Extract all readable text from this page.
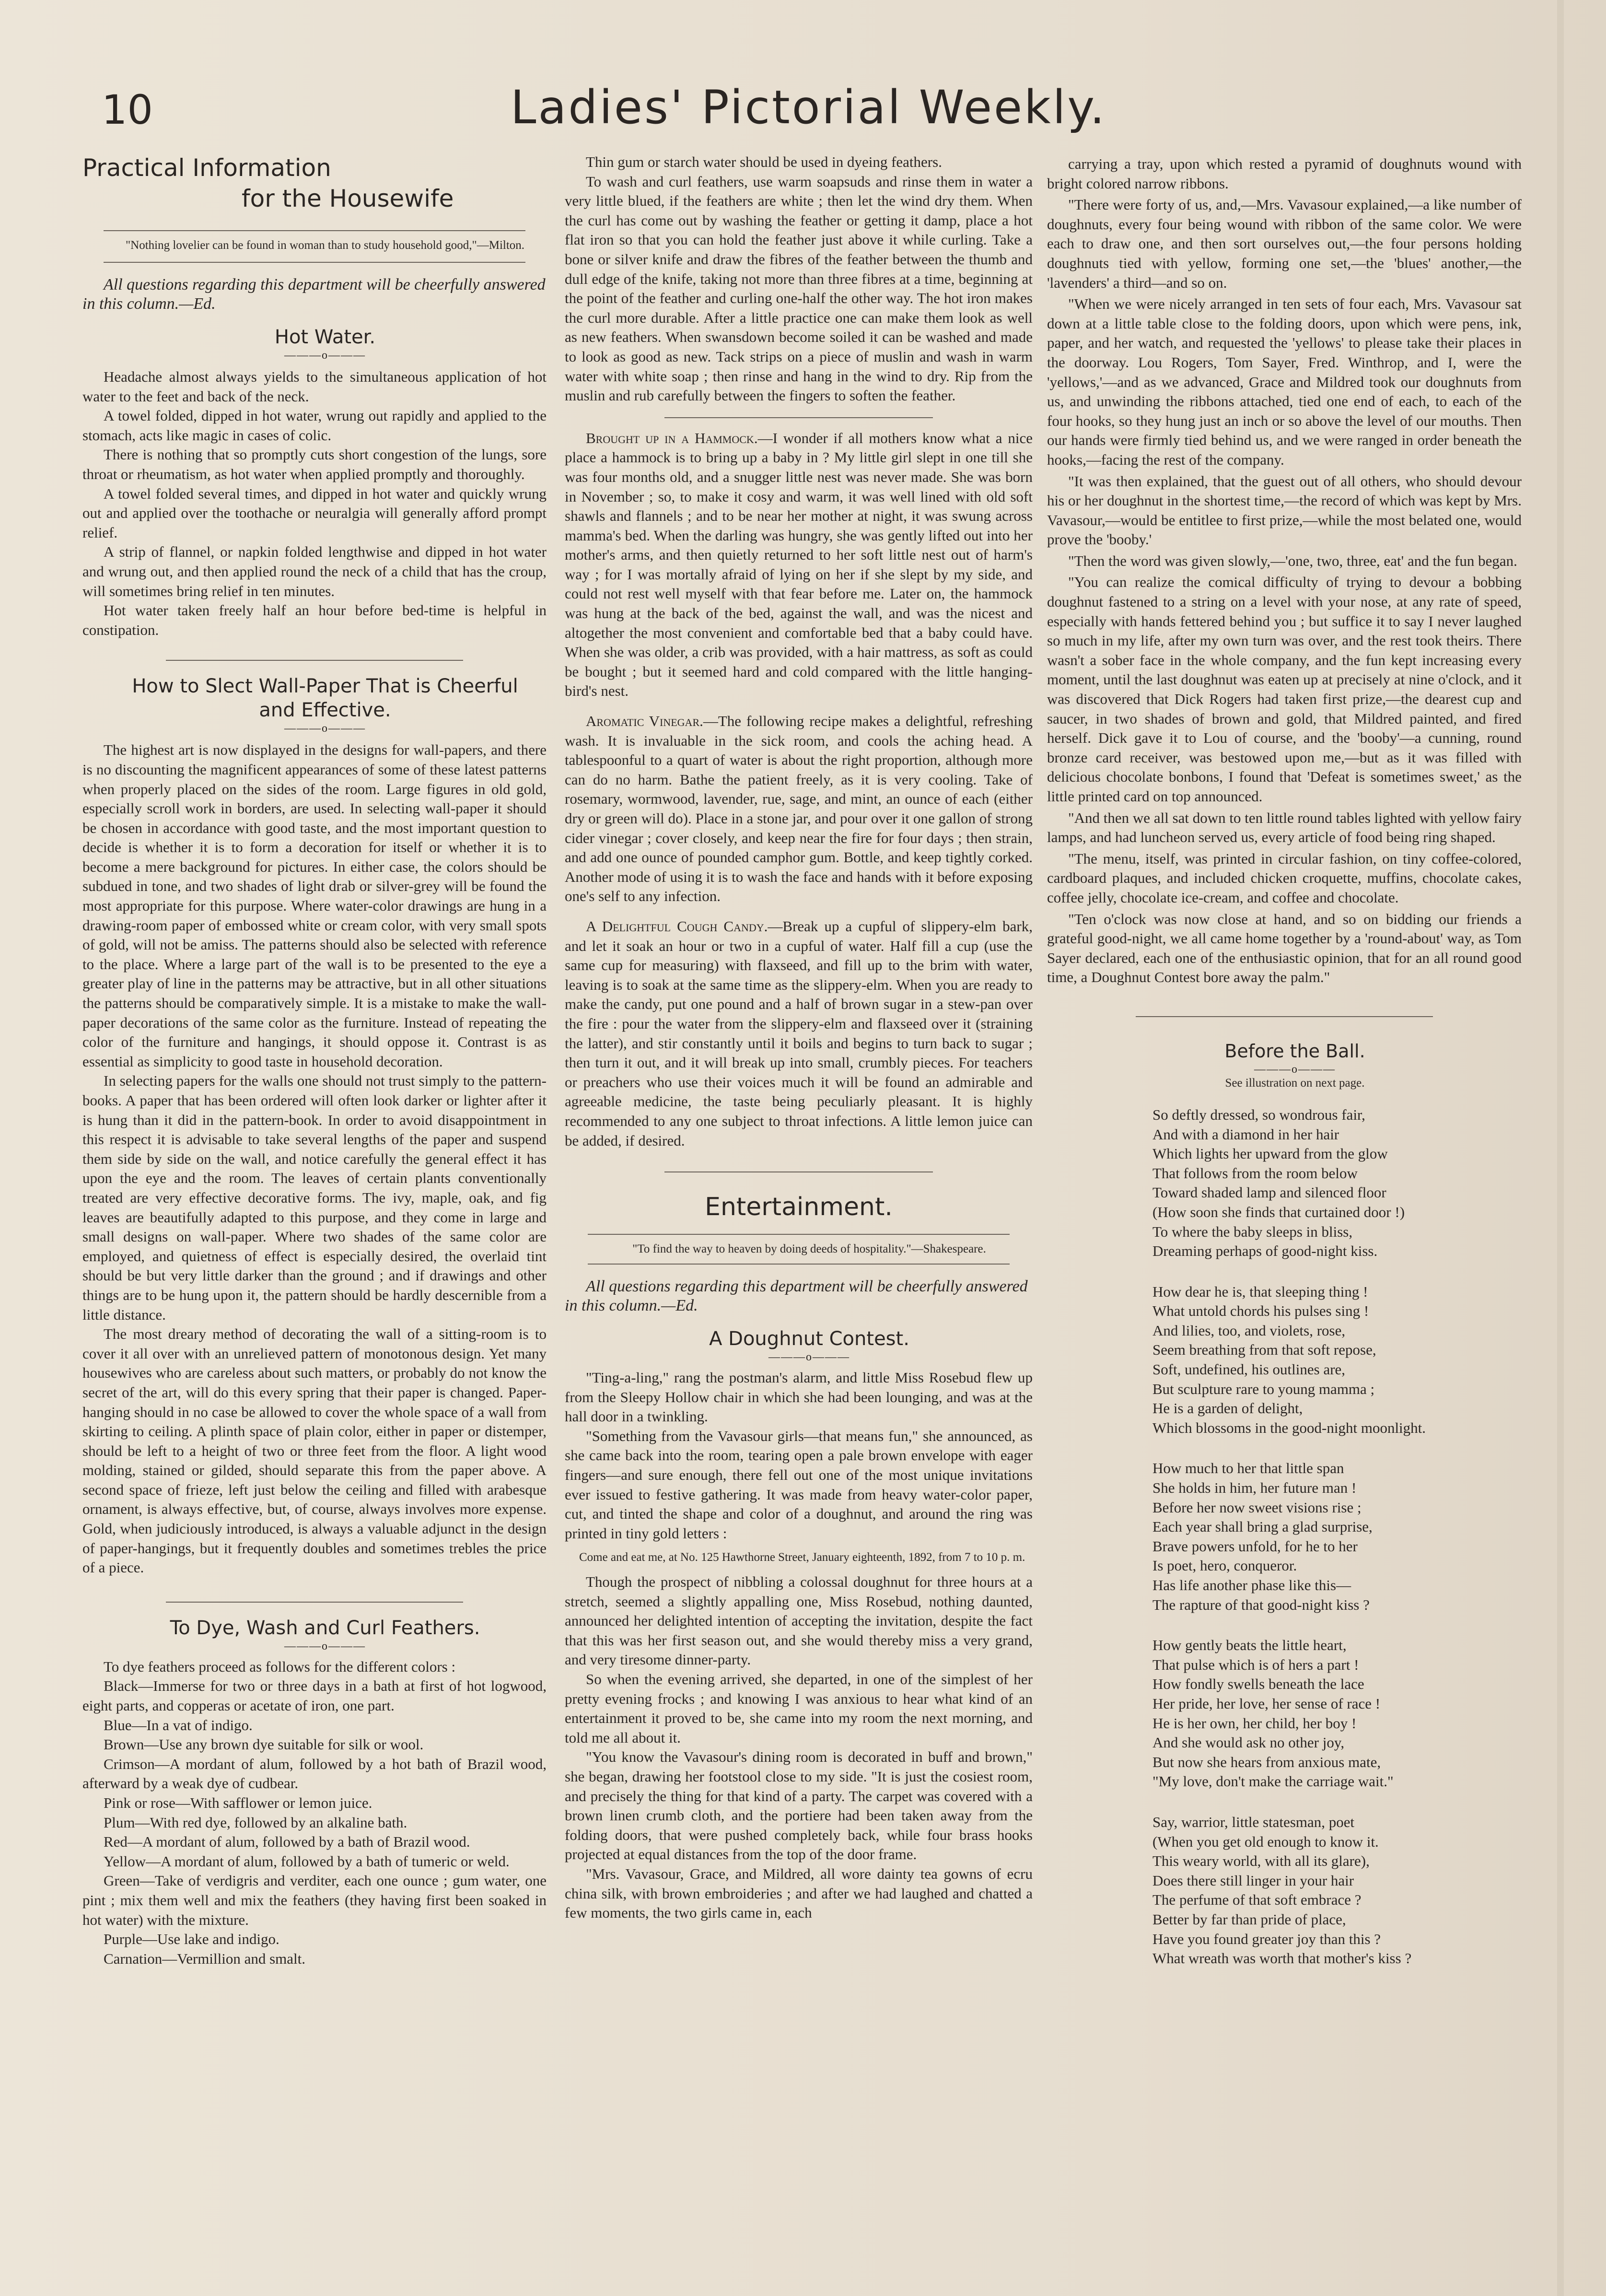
10	Ladies' Pictorial Weekly.
Practical Information
for the Housewife

"Nothing lovelier can be found in woman than to study household good,"—Milton.

All questions regarding this department will be cheerfully answered in this column.—Ed.

Hot Water.

———o———

Headache almost always yields to the simultaneous application of hot water to the feet and back of the neck.

A towel folded, dipped in hot water, wrung out rapidly and applied to the stomach, acts like magic in cases of colic.

There is nothing that so promptly cuts short congestion of the lungs, sore throat or rheumatism, as hot water when applied promptly and thoroughly.

A towel folded several times, and dipped in hot water and quickly wrung out and applied over the toothache or neuralgia will generally afford prompt relief.

A strip of flannel, or napkin folded lengthwise and dipped in hot water and wrung out, and then applied round the neck of a child that has the croup, will sometimes bring relief in ten minutes.

Hot water taken freely half an hour before bed-time is helpful in constipation.

How to Slect Wall-Paper That is Cheerful

and Effective.

———o———

The highest art is now displayed in the designs for wall-papers, and there is no discounting the magnificent appearances of some of these latest patterns when properly placed on the sides of the room. Large figures in old gold, especially scroll work in borders, are used. In selecting wall-paper it should be chosen in accordance with good taste, and the most important question to decide is whether it is to form a decoration for itself or whether it is to become a mere background for pictures. In either case, the colors should be subdued in tone, and two shades of light drab or silver-grey will be found the most appropriate for this purpose. Where water-color drawings are hung in a drawing-room paper of embossed white or cream color, with very small spots of gold, will not be amiss. The patterns should also be selected with reference to the place. Where a large part of the wall is to be presented to the eye a greater play of line in the patterns may be attractive, but in all other situations the patterns should be comparatively simple. It is a mistake to make the wall-paper decorations of the same color as the furniture. Instead of repeating the color of the furniture and hangings, it should oppose it. Contrast is as essential as simplicity to good taste in household decoration.

In selecting papers for the walls one should not trust simply to the pattern-books. A paper that has been ordered will often look darker or lighter after it is hung than it did in the pattern-book. In order to avoid disappointment in this respect it is advisable to take several lengths of the paper and suspend them side by side on the wall, and notice carefully the general effect it has upon the eye and the room. The leaves of certain plants conventionally treated are very effective decorative forms. The ivy, maple, oak, and fig leaves are beautifully adapted to this purpose, and they come in large and small designs on wall-paper. Where two shades of the same color are employed, and quietness of effect is especially desired, the overlaid tint should be but very little darker than the ground ; and if drawings and other things are to be hung upon it, the pattern should be hardly descernible from a little distance.

The most dreary method of decorating the wall of a sitting-room is to cover it all over with an unrelieved pattern of monotonous design. Yet many housewives who are careless about such matters, or probably do not know the secret of the art, will do this every spring that their paper is changed. Paper-hanging should in no case be allowed to cover the whole space of a wall from skirting to ceiling. A plinth space of plain color, either in paper or distemper, should be left to a height of two or three feet from the floor. A light wood molding, stained or gilded, should separate this from the paper above. A second space of frieze, left just below the ceiling and filled with arabesque ornament, is always effective, but, of course, always involves more expense. Gold, when judiciously introduced, is always a valuable adjunct in the design of paper-hangings, but it frequently doubles and sometimes trebles the price of a piece.

To Dye, Wash and Curl Feathers.

———o———

To dye feathers proceed as follows for the different colors :

Black—Immerse for two or three days in a bath at first of hot logwood, eight parts, and copperas or acetate of iron, one part.

Blue—In a vat of indigo.

Brown—Use any brown dye suitable for silk or wool.

Crimson—A mordant of alum, followed by a hot bath of Brazil wood, afterward by a weak dye of cudbear.

Pink or rose—With safflower or lemon juice.

Plum—With red dye, followed by an alkaline bath.

Red—A mordant of alum, followed by a bath of Brazil wood.

Yellow—A mordant of alum, followed by a bath of tumeric or weld.

Green—Take of verdigris and verditer, each one ounce ; gum water, one pint ; mix them well and mix the feathers (they having first been soaked in hot water) with the mixture.

Purple—Use lake and indigo.

Carnation—Vermillion and smalt.

Thin gum or starch water should be used in dyeing feathers.

To wash and curl feathers, use warm soapsuds and rinse them in water a very little blued, if the feathers are white ; then let the wind dry them. When the curl has come out by washing the feather or getting it damp, place a hot flat iron so that you can hold the feather just above it while curling. Take a bone or silver knife and draw the fibres of the feather between the thumb and dull edge of the knife, taking not more than three fibres at a time, beginning at the point of the feather and curling one-half the other way. The hot iron makes the curl more durable. After a little practice one can make them look as well as new feathers. When swansdown become soiled it can be washed and made to look as good as new. Tack strips on a piece of muslin and wash in warm water with white soap ; then rinse and hang in the wind to dry. Rip from the muslin and rub carefully between the fingers to soften the feather.

Brought up in a Hammock.—I wonder if all mothers know what a nice place a hammock is to bring up a baby in ? My little girl slept in one till she was four months old, and a snugger little nest was never made. She was born in November ; so, to make it cosy and warm, it was well lined with old soft shawls and flannels ; and to be near her mother at night, it was swung across mamma's bed. When the darling was hungry, she was gently lifted out into her mother's arms, and then quietly returned to her soft little nest out of harm's way ; for I was mortally afraid of lying on her if she slept by my side, and could not rest well myself with that fear before me. Later on, the hammock was hung at the back of the bed, against the wall, and was the nicest and altogether the most convenient and comfortable bed that a baby could have. When she was older, a crib was provided, with a hair mattress, as soft as could be bought ; but it seemed hard and cold compared with the little hanging-bird's nest.

Aromatic Vinegar.—The following recipe makes a delightful, refreshing wash. It is invaluable in the sick room, and cools the aching head. A tablespoonful to a quart of water is about the right proportion, although more can do no harm. Bathe the patient freely, as it is very cooling. Take of rosemary, wormwood, lavender, rue, sage, and mint, an ounce of each (either dry or green will do). Place in a stone jar, and pour over it one gallon of strong cider vinegar ; cover closely, and keep near the fire for four days ; then strain, and add one ounce of pounded camphor gum. Bottle, and keep tightly corked. Another mode of using it is to wash the face and hands with it before exposing one's self to any infection.

A Delightful Cough Candy.—Break up a cupful of slippery-elm bark, and let it soak an hour or two in a cupful of water. Half fill a cup (use the same cup for measuring) with flaxseed, and fill up to the brim with water, leaving is to soak at the same time as the slippery-elm. When you are ready to make the candy, put one pound and a half of brown sugar in a stew-pan over the fire : pour the water from the slippery-elm and flaxseed over it (straining the latter), and stir constantly until it boils and begins to turn back to sugar ; then turn it out, and it will break up into small, crumbly pieces. For teachers or preachers who use their voices much it will be found an admirable and agreeable medicine, the taste being peculiarly pleasant. It is highly recommended to any one subject to throat infections. A little lemon juice can be added, if desired.

Entertainment.

"To find the way to heaven by doing deeds of hospitality."—Shakespeare.

All questions regarding this department will be cheerfully answered in this column.—Ed.

A Doughnut Contest.

———o———

"Ting-a-ling," rang the postman's alarm, and little Miss Rosebud flew up from the Sleepy Hollow chair in which she had been lounging, and was at the hall door in a twinkling.

"Something from the Vavasour girls—that means fun," she announced, as she came back into the room, tearing open a pale brown envelope with eager fingers—and sure enough, there fell out one of the most unique invitations ever issued to festive gathering. It was made from heavy water-color paper, cut, and tinted the shape and color of a doughnut, and around the ring was printed in tiny gold letters :

Come and eat me, at No. 125 Hawthorne Street, January eighteenth, 1892, from 7 to 10 p. m.

Though the prospect of nibbling a colossal doughnut for three hours at a stretch, seemed a slightly appalling one, Miss Rosebud, nothing daunted, announced her delighted intention of accepting the invitation, despite the fact that this was her first season out, and she would thereby miss a very grand, and very tiresome dinner-party.

So when the evening arrived, she departed, in one of the simplest of her pretty evening frocks ; and knowing I was anxious to hear what kind of an entertainment it proved to be, she came into my room the next morning, and told me all about it.

"You know the Vavasour's dining room is decorated in buff and brown," she began, drawing her footstool close to my side. "It is just the cosiest room, and precisely the thing for that kind of a party. The carpet was covered with a brown linen crumb cloth, and the portiere had been taken away from the folding doors, that were pushed completely back, while four brass hooks projected at equal distances from the top of the door frame.

"Mrs. Vavasour, Grace, and Mildred, all wore dainty tea gowns of ecru china silk, with brown embroideries ; and after we had laughed and chatted a few moments, the two girls came in, each

carrying a tray, upon which rested a pyramid of doughnuts wound with bright colored narrow ribbons.

"There were forty of us, and,—Mrs. Vavasour explained,—a like number of doughnuts, every four being wound with ribbon of the same color. We were each to draw one, and then sort ourselves out,—the four persons holding doughnuts tied with yellow, forming one set,—the 'blues' another,—the 'lavenders' a third—and so on.

"When we were nicely arranged in ten sets of four each, Mrs. Vavasour sat down at a little table close to the folding doors, upon which were pens, ink, paper, and her watch, and requested the 'yellows' to please take their places in the doorway. Lou Rogers, Tom Sayer, Fred. Winthrop, and I, were the 'yellows,'—and as we advanced, Grace and Mildred took our doughnuts from us, and unwinding the ribbons attached, tied one end of each, to each of the four hooks, so they hung just an inch or so above the level of our mouths. Then our hands were firmly tied behind us, and we were ranged in order beneath the hooks,—facing the rest of the company.

"It was then explained, that the guest out of all others, who should devour his or her doughnut in the shortest time,—the record of which was kept by Mrs. Vavasour,—would be entitlee to first prize,—while the most belated one, would prove the 'booby.'

"Then the word was given slowly,—'one, two, three, eat' and the fun began.

"You can realize the comical difficulty of trying to devour a bobbing doughnut fastened to a string on a level with your nose, at any rate of speed, especially with hands fettered behind you ; but suffice it to say I never laughed so much in my life, after my own turn was over, and the rest took theirs. There wasn't a sober face in the whole company, and the fun kept increasing every moment, until the last doughnut was eaten up at precisely at nine o'clock, and it was discovered that Dick Rogers had taken first prize,—the dearest cup and saucer, in two shades of brown and gold, that Mildred painted, and fired herself. Dick gave it to Lou of course, and the 'booby'—a cunning, round bronze card receiver, was bestowed upon me,—but as it was filled with delicious chocolate bonbons, I found that 'Defeat is sometimes sweet,' as the little printed card on top announced.

"And then we all sat down to ten little round tables lighted with yellow fairy lamps, and had luncheon served us, every article of food being ring shaped.

"The menu, itself, was printed in circular fashion, on tiny coffee-colored, cardboard plaques, and included chicken croquette, muffins, chocolate cakes, coffee jelly, chocolate ice-cream, and coffee and chocolate.

"Ten o'clock was now close at hand, and so on bidding our friends a grateful good-night, we all came home together by a 'round-about' way, as Tom Sayer declared, each one of the enthusiastic opinion, that for an all round good time, a Doughnut Contest bore away the palm."

Before the Ball.

———o———

See illustration on next page.

So deftly dressed, so wondrous fair,

And with a diamond in her hair

Which lights her upward from the glow

That follows from the room below

Toward shaded lamp and silenced floor

(How soon she finds that curtained door !)

To where the baby sleeps in bliss,

Dreaming perhaps of good-night kiss.

How dear he is, that sleeping thing !

What untold chords his pulses sing !

And lilies, too, and violets, rose,

Seem breathing from that soft repose,

Soft, undefined, his outlines are,

But sculpture rare to young mamma ;

He is a garden of delight,

Which blossoms in the good-night moonlight.

How much to her that little span

She holds in him, her future man !

Before her now sweet visions rise ;

Each year shall bring a glad surprise,

Brave powers unfold, for he to her

Is poet, hero, conqueror.

Has life another phase like this—

The rapture of that good-night kiss ?

How gently beats the little heart,

That pulse which is of hers a part !

How fondly swells beneath the lace

Her pride, her love, her sense of race !

He is her own, her child, her boy !

And she would ask no other joy,

But now she hears from anxious mate,

"My love, don't make the carriage wait."

Say, warrior, little statesman, poet

(When you get old enough to know it.

This weary world, with all its glare),

Does there still linger in your hair

The perfume of that soft embrace ?

Better by far than pride of place,

Have you found greater joy than this ?

What wreath was worth that mother's kiss ?
